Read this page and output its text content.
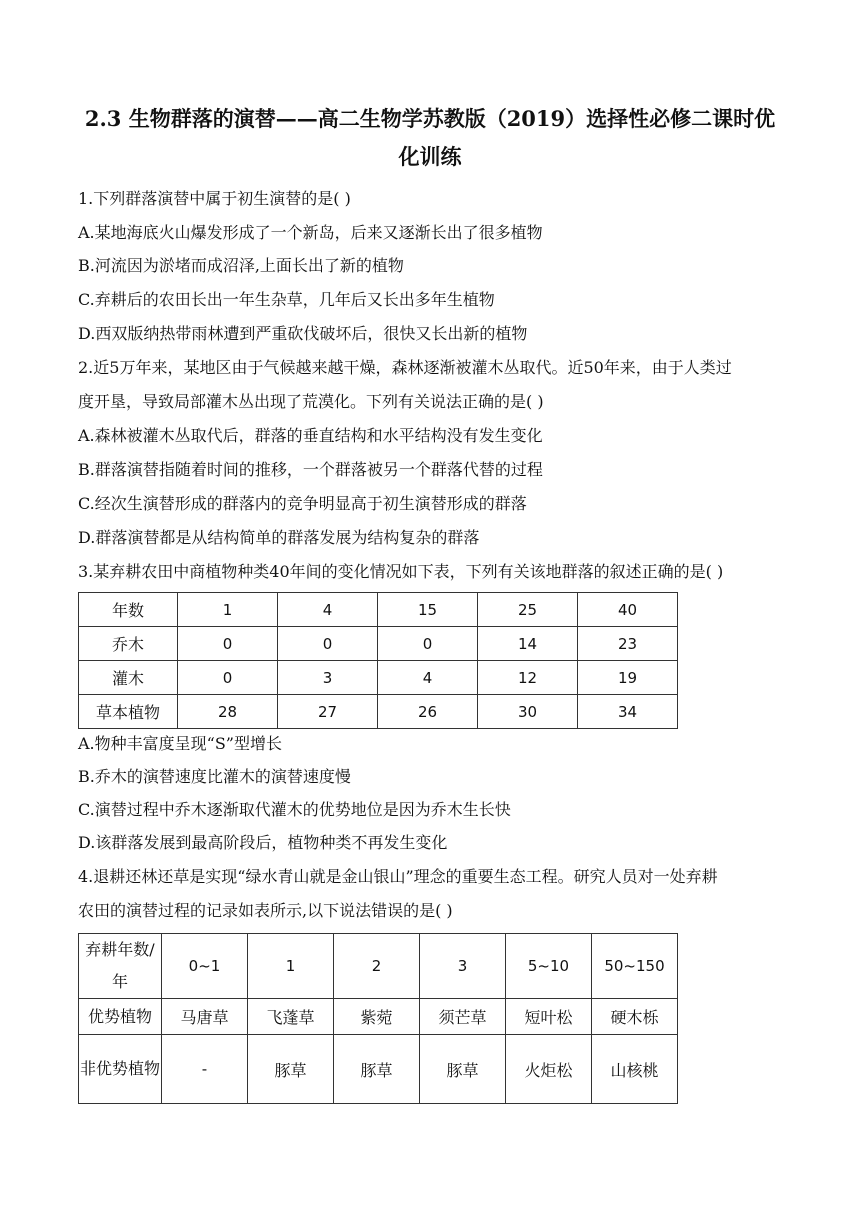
2.3 生物群落的演替——高二生物学苏教版（2019）选择性必修二课时优化训练
1.下列群落演替中属于初生演替的是( )
A.某地海底火山爆发形成了一个新岛，后来又逐渐长出了很多植物
B.河流因为淤堵而成沼泽,上面长出了新的植物
C.弃耕后的农田长出一年生杂草，几年后又长出多年生植物
D.西双版纳热带雨林遭到严重砍伐破坏后，很快又长出新的植物
2.近5万年来，某地区由于气候越来越干燥，森林逐渐被灌木丛取代。近50年来，由于人类过
度开垦，导致局部灌木丛出现了荒漠化。下列有关说法正确的是( )
A.森林被灌木丛取代后，群落的垂直结构和水平结构没有发生变化
B.群落演替指随着时间的推移，一个群落被另一个群落代替的过程
C.经次生演替形成的群落内的竞争明显高于初生演替形成的群落
D.群落演替都是从结构简单的群落发展为结构复杂的群落
3.某弃耕农田中商植物种类40年间的变化情况如下表，下列有关该地群落的叙述正确的是( )
年数	1	4	15	25	40
乔木	0	0	0	14	23
灌木	0	3	4	12	19
草本植物	28	27	26	30	34
A.物种丰富度呈现“S”型增长
B.乔木的演替速度比灌木的演替速度慢
C.演替过程中乔木逐渐取代灌木的优势地位是因为乔木生长快
D.该群落发展到最高阶段后，植物种类不再发生变化
4.退耕还林还草是实现“绿水青山就是金山银山”理念的重要生态工程。研究人员对一处弃耕
农田的演替过程的记录如表所示,以下说法错误的是( )
弃耕年数/年	0~1	1	2	3	5~10	50~150
优势植物	马唐草	飞蓬草	紫菀	须芒草	短叶松	硬木栎
非优势植物	-	豚草	豚草	豚草	火炬松	山核桃
